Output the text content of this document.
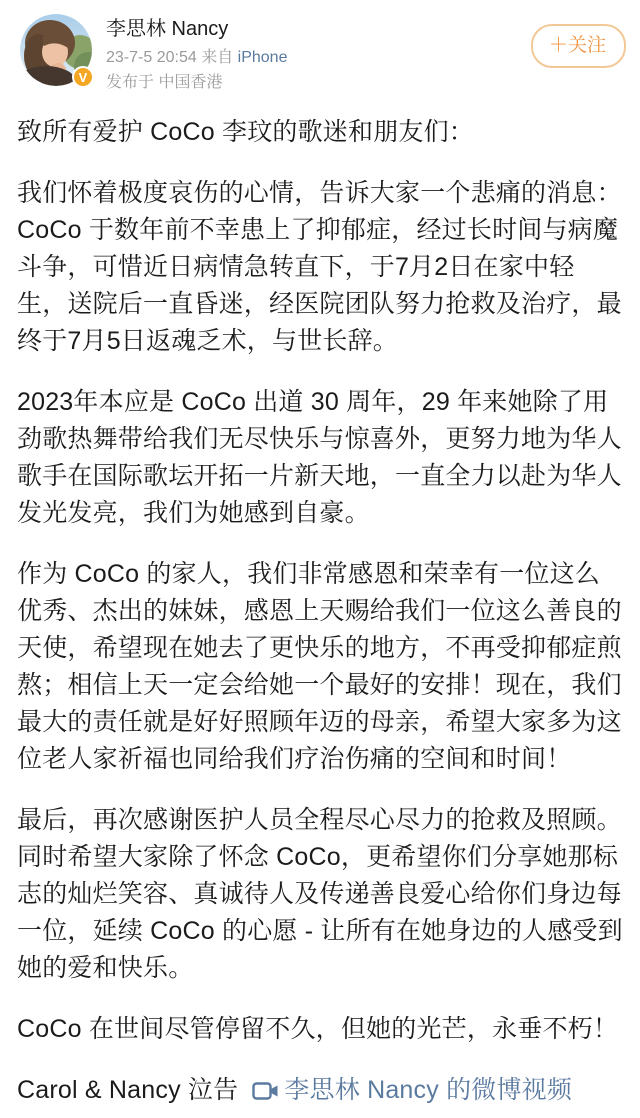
V
李思林 Nancy
23-7-5 20:54 来自 iPhone
发布于 中国香港
＋关注

致所有爱护 CoCo 李玟的歌迷和朋友们：

我们怀着极度哀伤的心情，告诉大家一个悲痛的消息：CoCo 于数年前不幸患上了抑郁症，经过长时间与病魔斗争，可惜近日病情急转直下，于7月2日在家中轻生，送院后一直昏迷，经医院团队努力抢救及治疗，最终于7月5日返魂乏术，与世长辞。

2023年本应是 CoCo 出道 30 周年，29 年来她除了用劲歌热舞带给我们无尽快乐与惊喜外，更努力地为华人歌手在国际歌坛开拓一片新天地，一直全力以赴为华人发光发亮，我们为她感到自豪。

作为 CoCo 的家人，我们非常感恩和荣幸有一位这么优秀、杰出的妹妹，感恩上天赐给我们一位这么善良的天使，希望现在她去了更快乐的地方，不再受抑郁症煎熬；相信上天一定会给她一个最好的安排！现在，我们最大的责任就是好好照顾年迈的母亲，希望大家多为这位老人家祈福也同给我们疗治伤痛的空间和时间！

最后，再次感谢医护人员全程尽心尽力的抢救及照顾。同时希望大家除了怀念 CoCo，更希望你们分享她那标志的灿烂笑容、真诚待人及传递善良爱心给你们身边每一位，延续 CoCo 的心愿 - 让所有在她身边的人感受到她的爱和快乐。

CoCo 在世间尽管停留不久，但她的光芒，永垂不朽！

Carol & Nancy 泣告 李思林 Nancy 的微博视频
